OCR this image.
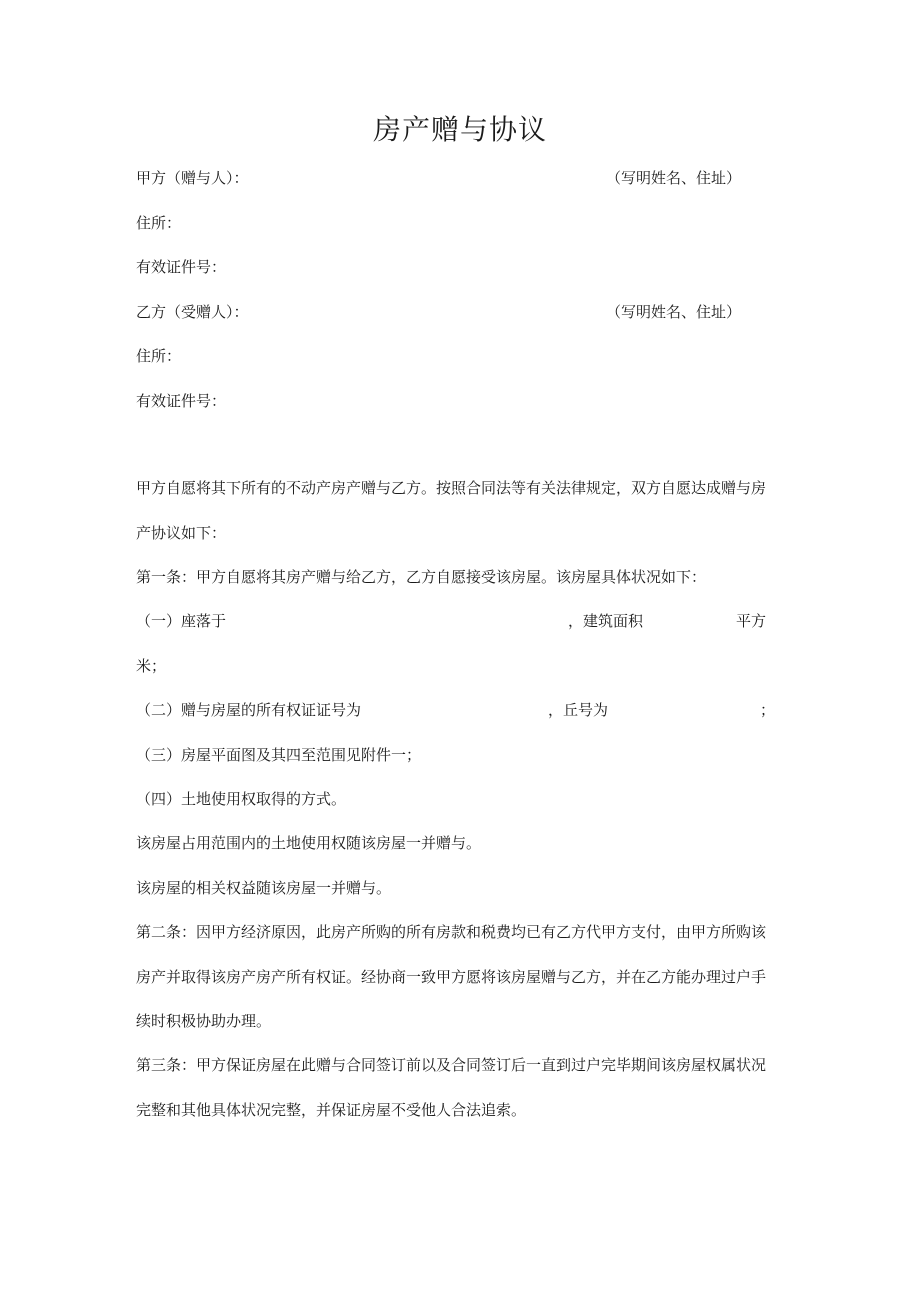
房产赠与协议
甲方（赠与人）：	（写明姓名、住址）
住所：
有效证件号：
乙方（受赠人）：	（写明姓名、住址）
住所：
有效证件号：
甲方自愿将其下所有的不动产房产赠与乙方。按照合同法等有关法律规定，双方自愿达成赠与房
产协议如下：
第一条：甲方自愿将其房产赠与给乙方，乙方自愿接受该房屋。该房屋具体状况如下：
（一）座落于	，建筑面积	平方
米；
（二）赠与房屋的所有权证证号为	，丘号为	；
（三）房屋平面图及其四至范围见附件一；
（四）土地使用权取得的方式。
该房屋占用范围内的土地使用权随该房屋一并赠与。
该房屋的相关权益随该房屋一并赠与。
第二条：因甲方经济原因，此房产所购的所有房款和税费均已有乙方代甲方支付，由甲方所购该
房产并取得该房产房产所有权证。经协商一致甲方愿将该房屋赠与乙方，并在乙方能办理过户手
续时积极协助办理。
第三条：甲方保证房屋在此赠与合同签订前以及合同签订后一直到过户完毕期间该房屋权属状况
完整和其他具体状况完整，并保证房屋不受他人合法追索。
